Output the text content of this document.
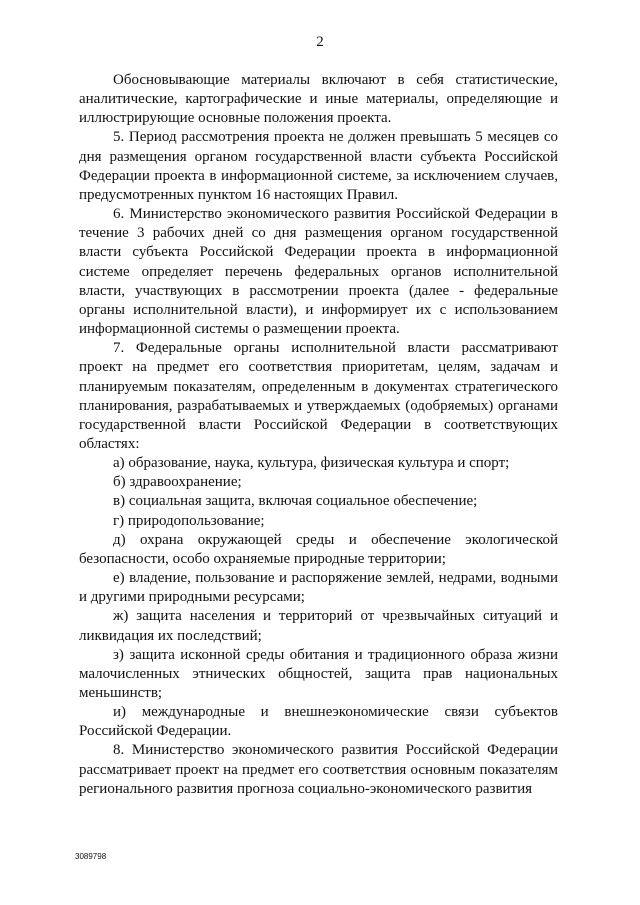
2

Обосновывающие материалы включают в себя статистические, аналитические, картографические и иные материалы, определяющие и иллюстрирующие основные положения проекта.

5. Период рассмотрения проекта не должен превышать 5 месяцев со дня размещения органом государственной власти субъекта Российской Федерации проекта в информационной системе, за исключением случаев, предусмотренных пунктом 16 настоящих Правил.

6. Министерство экономического развития Российской Федерации в течение 3 рабочих дней со дня размещения органом государственной власти субъекта Российской Федерации проекта в информационной системе определяет перечень федеральных органов исполнительной власти, участвующих в рассмотрении проекта (далее - федеральные органы исполнительной власти), и информирует их с использованием информационной системы о размещении проекта.

7. Федеральные органы исполнительной власти рассматривают проект на предмет его соответствия приоритетам, целям, задачам и планируемым показателям, определенным в документах стратегического планирования, разрабатываемых и утверждаемых (одобряемых) органами государственной власти Российской Федерации в соответствующих областях:

а) образование, наука, культура, физическая культура и спорт;

б) здравоохранение;

в) социальная защита, включая социальное обеспечение;

г) природопользование;

д) охрана окружающей среды и обеспечение экологической безопасности, особо охраняемые природные территории;

е) владение, пользование и распоряжение землей, недрами, водными и другими природными ресурсами;

ж) защита населения и территорий от чрезвычайных ситуаций и ликвидация их последствий;

з) защита исконной среды обитания и традиционного образа жизни малочисленных этнических общностей, защита прав национальных меньшинств;

и) международные и внешнеэкономические связи субъектов Российской Федерации.

8. Министерство экономического развития Российской Федерации рассматривает проект на предмет его соответствия основным показателям регионального развития прогноза социально-экономического развития

3089798
